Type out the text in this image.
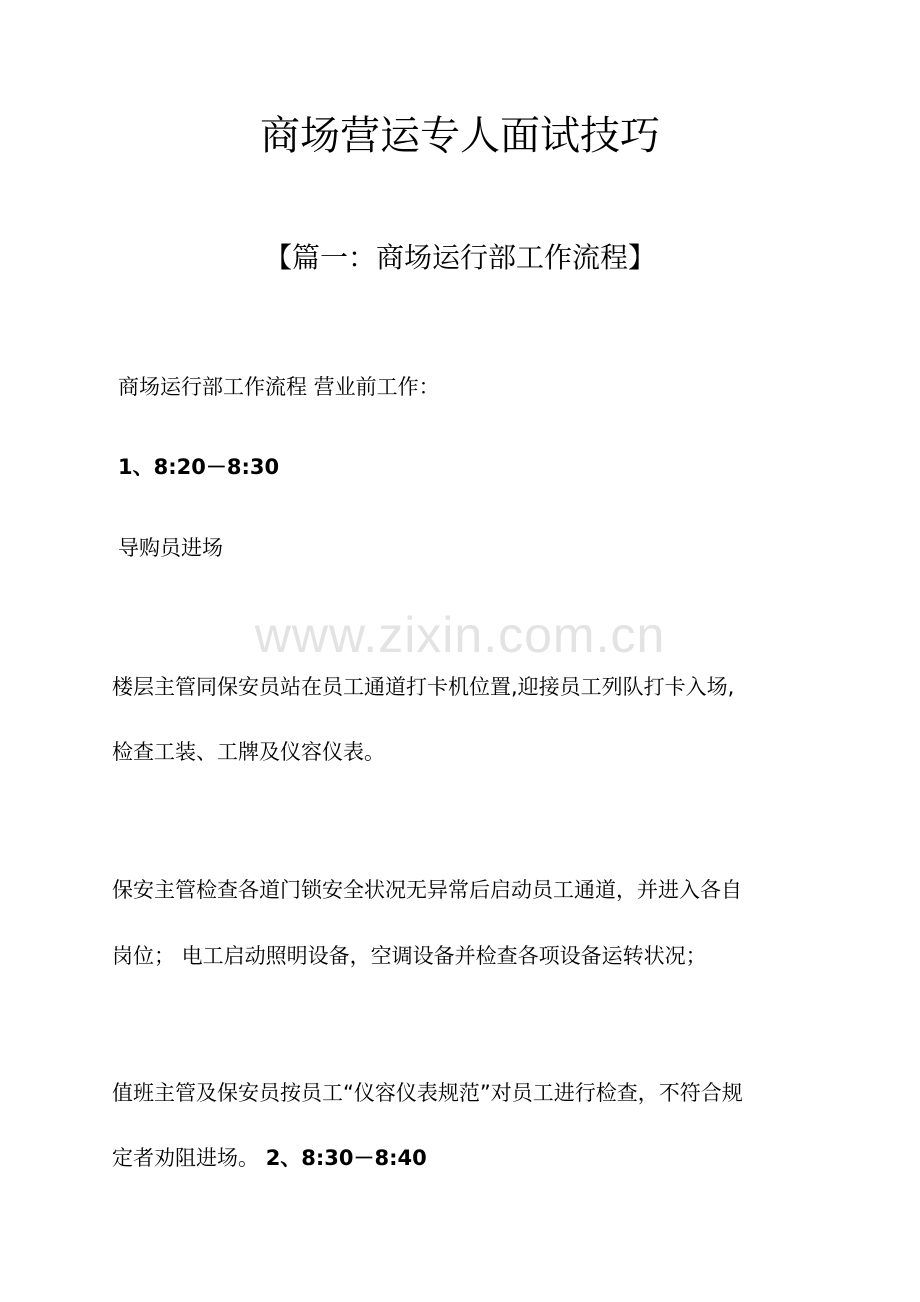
商场营运专人面试技巧
【篇一：商场运行部工作流程】

商场运行部工作流程 营业前工作：

1、8:20－8:30

导购员进场

www.zixin.com.cn

楼层主管同保安员站在员工通道打卡机位置,迎接员工列队打卡入场,

检查工装、工牌及仪容仪表。

保安主管检查各道门锁安全状况无异常后启动员工通道，并进入各自

岗位； 电工启动照明设备，空调设备并检查各项设备运转状况；

值班主管及保安员按员工“仪容仪表规范”对员工进行检查，不符合规

定者劝阻进场。 2、8:30－8:40
